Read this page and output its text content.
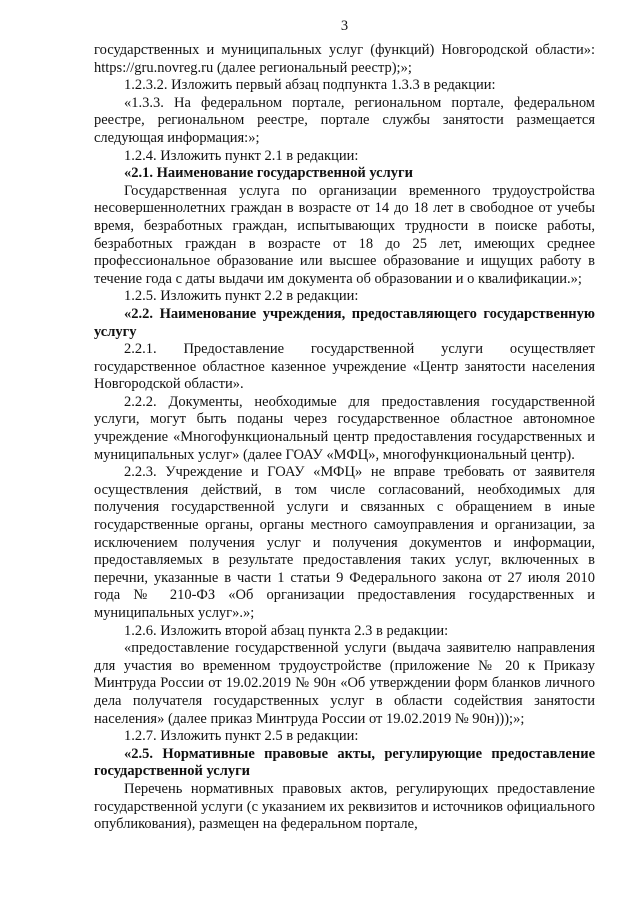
3

государственных и муниципальных услуг (функций) Новгородской области»: https://gru.novreg.ru (далее региональный реестр);»;

1.2.3.2. Изложить первый абзац подпункта 1.3.3 в редакции:

«1.3.3. На федеральном портале, региональном портале, федеральном реестре, региональном реестре, портале службы занятости размещается следующая информация:»;

1.2.4. Изложить пункт 2.1 в редакции:

«2.1. Наименование государственной услуги

Государственная услуга по организации временного трудоустройства несовершеннолетних граждан в возрасте от 14 до 18 лет в свободное от учебы время, безработных граждан, испытывающих трудности в поиске работы, безработных граждан в возрасте от 18 до 25 лет, имеющих среднее профессиональное образование или высшее образование и ищущих работу в течение года с даты выдачи им документа об образовании и о квалификации.»;

1.2.5. Изложить пункт 2.2 в редакции:

«2.2. Наименование учреждения, предоставляющего государственную услугу

2.2.1. Предоставление государственной услуги осуществляет государственное областное казенное учреждение «Центр занятости населения Новгородской области».

2.2.2. Документы, необходимые для предоставления государственной услуги, могут быть поданы через государственное областное автономное учреждение «Многофункциональный центр предоставления государственных и муниципальных услуг» (далее ГОАУ «МФЦ», многофункциональный центр).

2.2.3. Учреждение и ГОАУ «МФЦ» не вправе требовать от заявителя осуществления действий, в том числе согласований, необходимых для получения государственной услуги и связанных с обращением в иные государственные органы, органы местного самоуправления и организации, за исключением получения услуг и получения документов и информации, предоставляемых в результате предоставления таких услуг, включенных в перечни, указанные в части 1 статьи 9 Федерального закона от 27 июля 2010 года № 210-ФЗ «Об организации предоставления государственных и муниципальных услуг».»;

1.2.6. Изложить второй абзац пункта 2.3 в редакции:

«предоставление государственной услуги (выдача заявителю направления для участия во временном трудоустройстве (приложение № 20 к Приказу Минтруда России от 19.02.2019 № 90н «Об утверждении форм бланков личного дела получателя государственных услуг в области содействия занятости населения» (далее приказ Минтруда России от 19.02.2019 № 90н)));»;

1.2.7. Изложить пункт 2.5 в редакции:

«2.5. Нормативные правовые акты, регулирующие предоставление государственной услуги

Перечень нормативных правовых актов, регулирующих предоставление государственной услуги (с указанием их реквизитов и источников официального опубликования), размещен на федеральном портале,
